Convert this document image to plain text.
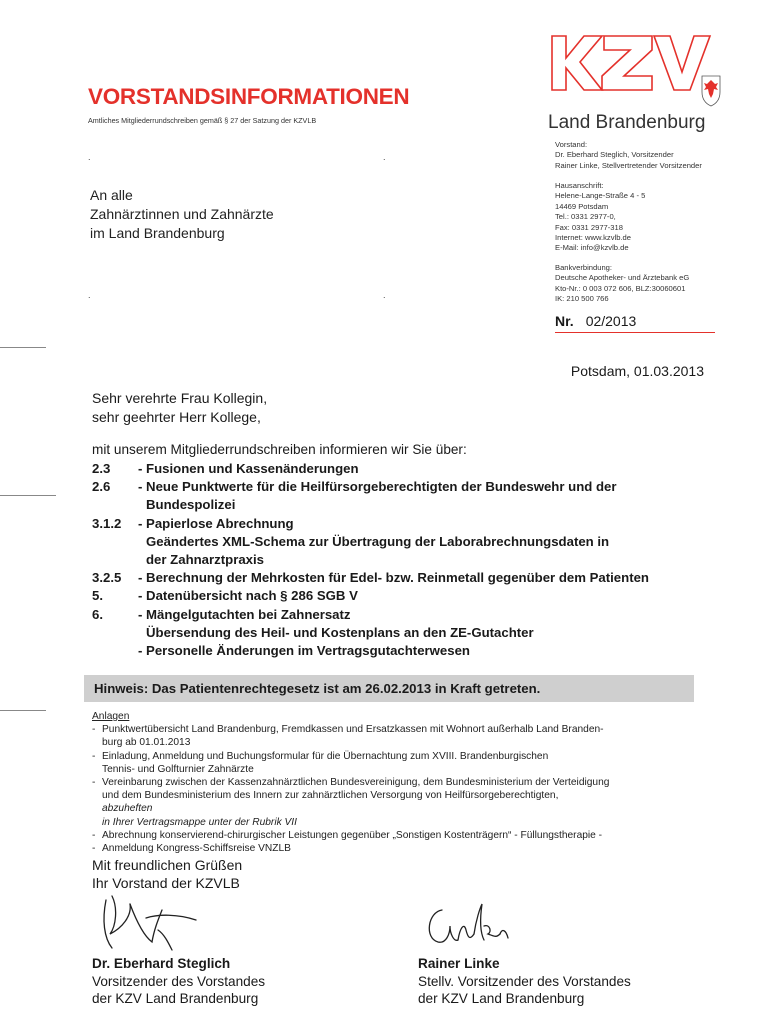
VORSTANDSINFORMATIONEN
Amtliches Mitgliederrundschreiben gemäß § 27 der Satzung der KZVLB	Land Brandenburg
.	.
.	.
An alle
Zahnärztinnen und Zahnärzte
im Land Brandenburg
Vorstand:
Dr. Eberhard Steglich, Vorsitzender
Rainer Linke, Stellvertretender Vorsitzender
Hausanschrift:
Helene-Lange-Straße 4 - 5
14469 Potsdam
Tel.: 0331 2977-0,
Fax: 0331 2977-318
Internet: www.kzvlb.de
E-Mail: info@kzvlb.de
Bankverbindung:
Deutsche Apotheker- und Ärztebank eG
Kto-Nr.: 0 003 072 606, BLZ:30060601
IK: 210 500 766
Nr. 02/2013
Potsdam, 01.03.2013
Sehr verehrte Frau Kollegin,
sehr geehrter Herr Kollege,
mit unserem Mitgliederrundschreiben informieren wir Sie über:
2.3	- Fusionen und Kassenänderungen
2.6	- Neue Punktwerte für die Heilfürsorgeberechtigten der Bundeswehr und der
Bundespolizei
3.1.2	- Papierlose Abrechnung
Geändertes XML-Schema zur Übertragung der Laborabrechnungsdaten in
der Zahnarztpraxis
3.2.5	- Berechnung der Mehrkosten für Edel- bzw. Reinmetall gegenüber dem Patienten
5.	- Datenübersicht nach § 286 SGB V
6.	- Mängelgutachten bei Zahnersatz
Übersendung des Heil- und Kostenplans an den ZE-Gutachter
- Personelle Änderungen im Vertragsgutachterwesen
Hinweis: Das Patientenrechtegesetz ist am 26.02.2013 in Kraft getreten.
Anlagen
- Punktwertübersicht Land Brandenburg, Fremdkassen und Ersatzkassen mit Wohnort außerhalb Land Branden-
burg ab 01.01.2013
- Einladung, Anmeldung und Buchungsformular für die Übernachtung zum XVIII. Brandenburgischen
Tennis- und Golfturnier Zahnärzte
- Vereinbarung zwischen der Kassenzahnärztlichen Bundesvereinigung, dem Bundesministerium der Verteidigung
und dem Bundesministerium des Innern zur zahnärztlichen Versorgung von Heilfürsorgeberechtigten,
abzuheften
in Ihrer Vertragsmappe unter der Rubrik VII
- Abrechnung konservierend-chirurgischer Leistungen gegenüber „Sonstigen Kostenträgern“ - Füllungstherapie -
- Anmeldung Kongress-Schiffsreise VNZLB
Mit freundlichen Grüßen
Ihr Vorstand der KZVLB
Dr. Eberhard Steglich
Vorsitzender des Vorstandes
der KZV Land Brandenburg
Rainer Linke
Stellv. Vorsitzender des Vorstandes
der KZV Land Brandenburg
